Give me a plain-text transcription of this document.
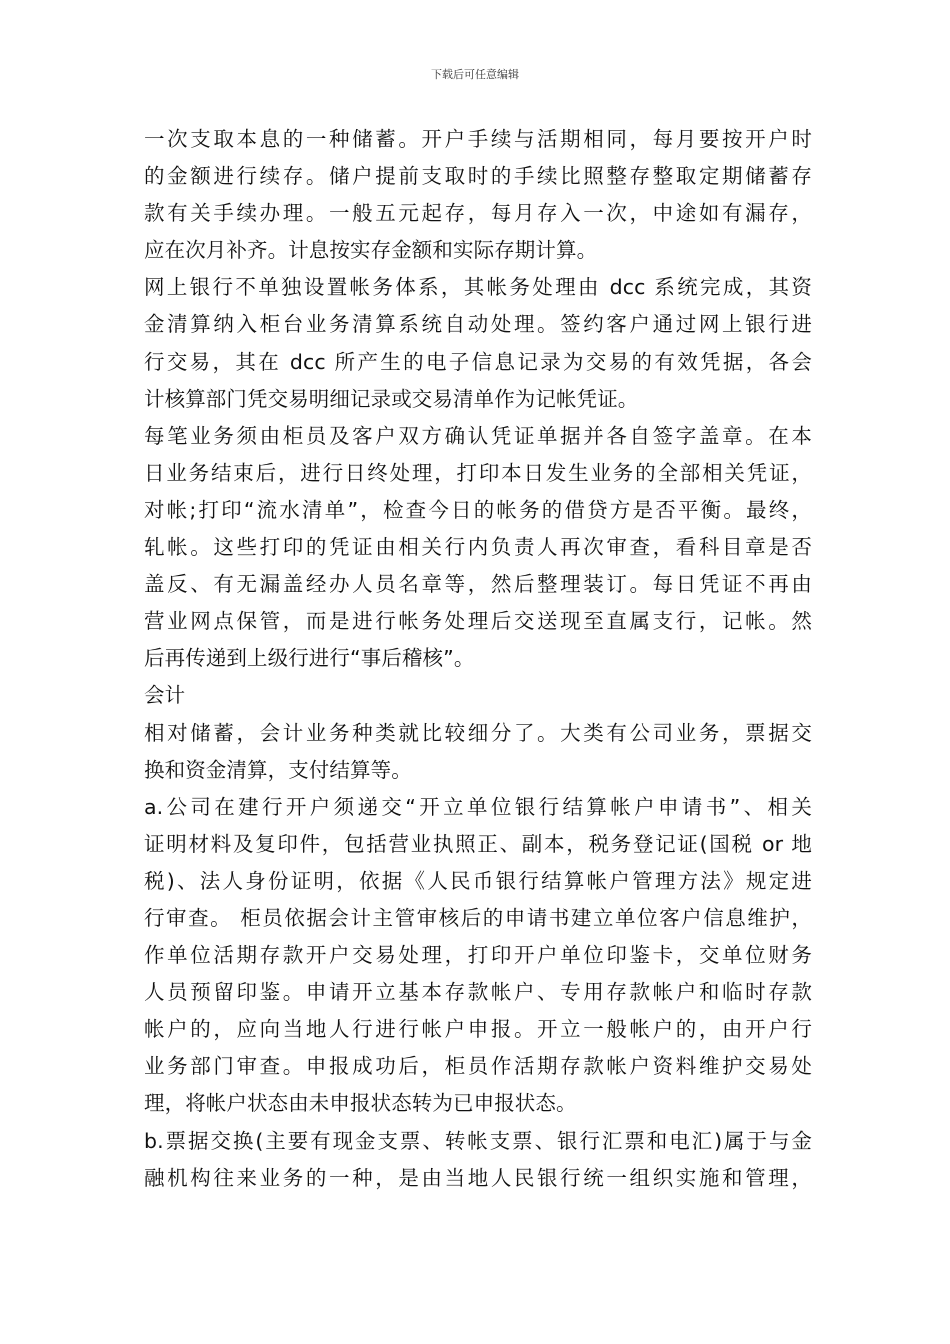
下载后可任意编辑
一次支取本息的一种储蓄。开户手续与活期相同，每月要按开户时
的金额进行续存。储户提前支取时的手续比照整存整取定期储蓄存
款有关手续办理。一般五元起存，每月存入一次，中途如有漏存，
应在次月补齐。计息按实存金额和实际存期计算。
网上银行不单独设置帐务体系，其帐务处理由 dcc 系统完成，其资
金清算纳入柜台业务清算系统自动处理。签约客户通过网上银行进
行交易，其在 dcc 所产生的电子信息记录为交易的有效凭据，各会
计核算部门凭交易明细记录或交易清单作为记帐凭证。
每笔业务须由柜员及客户双方确认凭证单据并各自签字盖章。在本
日业务结束后，进行日终处理，打印本日发生业务的全部相关凭证，
对帐;打印“流水清单”，检查今日的帐务的借贷方是否平衡。最终，
轧帐。这些打印的凭证由相关行内负责人再次审查，看科目章是否
盖反、有无漏盖经办人员名章等，然后整理装订。每日凭证不再由
营业网点保管，而是进行帐务处理后交送现至直属支行，记帐。然
后再传递到上级行进行“事后稽核”。
会计
相对储蓄，会计业务种类就比较细分了。大类有公司业务，票据交
换和资金清算，支付结算等。
a.公司在建行开户须递交“开立单位银行结算帐户申请书”、相关
证明材料及复印件，包括营业执照正、副本，税务登记证(国税 or 地
税)、法人身份证明，依据《人民币银行结算帐户管理方法》规定进
行审查。 柜员依据会计主管审核后的申请书建立单位客户信息维护，
作单位活期存款开户交易处理，打印开户单位印鉴卡，交单位财务
人员预留印鉴。申请开立基本存款帐户、专用存款帐户和临时存款
帐户的，应向当地人行进行帐户申报。开立一般帐户的，由开户行
业务部门审查。申报成功后，柜员作活期存款帐户资料维护交易处
理，将帐户状态由未申报状态转为已申报状态。
b.票据交换(主要有现金支票、转帐支票、银行汇票和电汇)属于与金
融机构往来业务的一种，是由当地人民银行统一组织实施和管理，
